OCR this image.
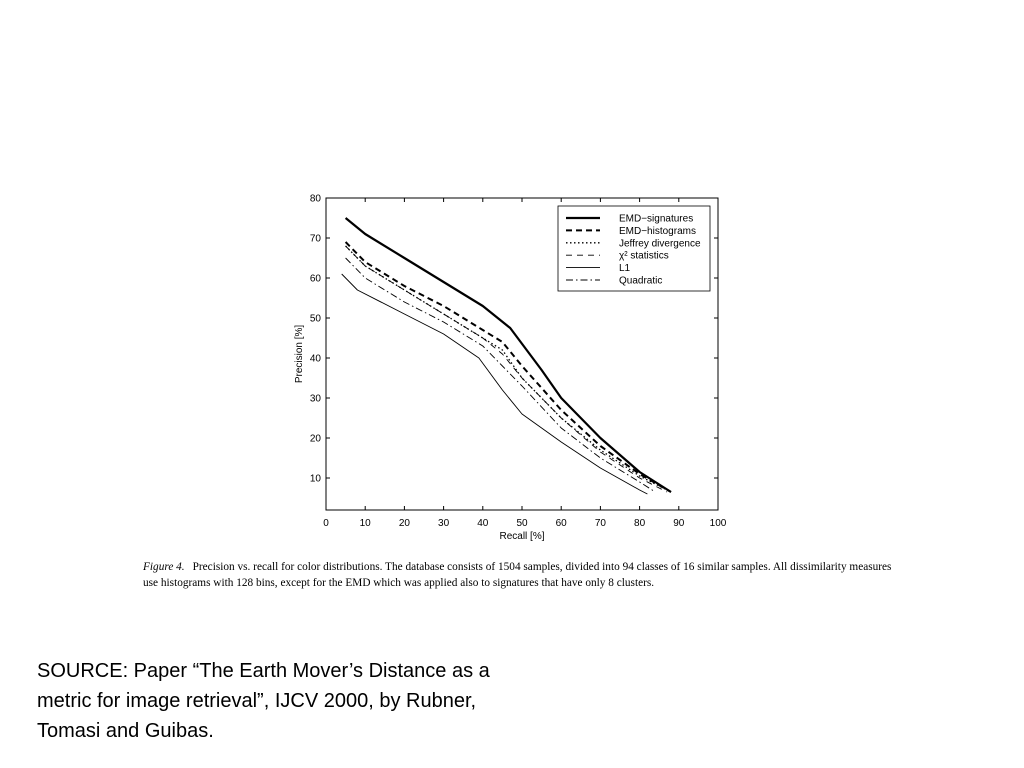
0	10	20	30	40	50	60	70	80	90	100
10
20
30
40
50
60
70
80
Recall [%]
Precision [%]
EMD−signatures
EMD−histograms
Jeffrey divergence
χ² statistics
L1
Quadratic
Figure 4. Precision vs. recall for color distributions. The database consists of 1504 samples, divided into 94 classes of 16 similar samples. All dissimilarity measures use histograms with 128 bins, except for the EMD which was applied also to signatures that have only 8 clusters.
SOURCE: Paper “The Earth Mover’s Distance as a metric for image retrieval”, IJCV 2000, by Rubner, Tomasi and Guibas.
